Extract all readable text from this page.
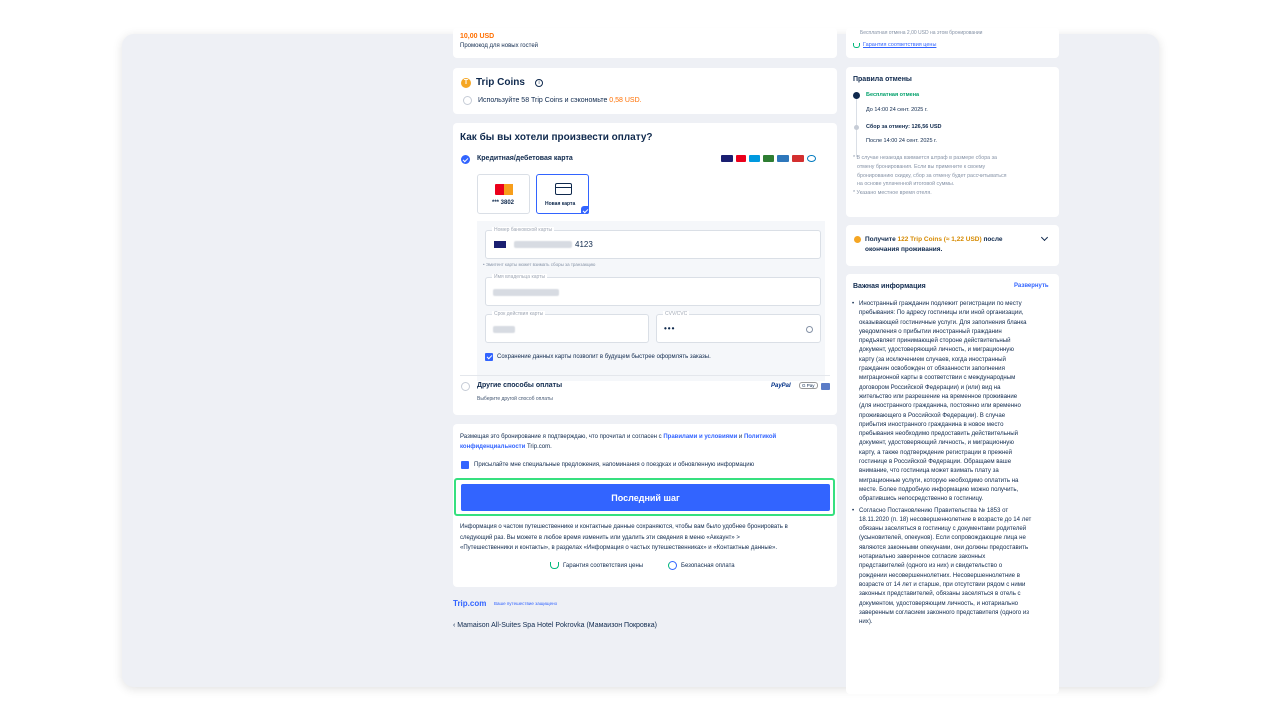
10,00 USD
Промокод для новых гостей
T Trip Coins	i
Используйте 58 Trip Coins и сэкономьте 0,58 USD.
Как бы вы хотели произвести оплату?
Кредитная/дебетовая карта
*** 3802	Новая карта
Номер банковской карты
4123
• Эмитент карты может взимать сборы за транзакцию
Имя владельца карты
Срок действия карты	CVV/CVC
•••
Сохранение данных карты позволит в будущем быстрее оформлять заказы.
Другие способы оплаты
Выберите другой способ оплаты
PayPal	G Pay
Размещая это бронирование я подтверждаю, что прочитал и согласен с Правилами и условиями и Политикой
конфиденциальности Trip.com.
Присылайте мне специальные предложения, напоминания о поездках и обновленную информацию
Последний шаг
Информация о частом путешественнике и контактные данные сохраняются, чтобы вам было удобнее бронировать в
следующий раз. Вы можете в любое время изменить или удалить эти сведения в меню «Аккаунт» >
«Путешественники и контакты», в разделах «Информация о частых путешественниках» и «Контактные данные».
Гарантия соответствия цены	Безопасная оплата
Trip.com Ваше путешествие защищено
‹ Mamaison All-Suites Spa Hotel Pokrovka (Мамаизон Покровка)
Бесплатная отмена 2,00 USD на этом бронировании
Гарантия соответствия цены
Правила отмены
Бесплатная отмена
До 14:00 24 сент. 2025 г.
Сбор за отмену: 126,56 USD
После 14:00 24 сент. 2025 г.
* В случае незаезда взимается штраф в размере сбора за
отмену бронирования. Если вы примените к своему
бронированию скидку, сбор за отмену будет рассчитываться
на основе уплаченной итоговой суммы.
* Указано местное время отеля.
Получите 122 Trip Coins (≈ 1,22 USD) после
окончания проживания.
Важная информация	Развернуть
• Иностранный гражданин подлежит регистрации по месту
пребывания: По адресу гостиницы или иной организации,
оказывающей гостиничные услуги. Для заполнения бланка
уведомления о прибытии иностранный гражданин
предъявляет принимающей стороне действительный
документ, удостоверяющий личность, и миграционную
карту (за исключением случаев, когда иностранный
гражданин освобожден от обязанности заполнения
миграционной карты в соответствии с международным
договором Российской Федерации) и (или) вид на
жительство или разрешение на временное проживание
(для иностранного гражданина, постоянно или временно
проживающего в Российской Федерации). В случае
прибытия иностранного гражданина в новое место
пребывания необходимо предоставить действительный
документ, удостоверяющий личность, и миграционную
карту, а также подтверждение регистрации в прежней
гостинице в Российской Федерации. Обращаем ваше
внимание, что гостиница может взимать плату за
миграционные услуги, которую необходимо оплатить на
месте. Более подробную информацию можно получить,
обратившись непосредственно в гостиницу.
• Согласно Постановлению Правительства № 1853 от
18.11.2020 (п. 18) несовершеннолетние в возрасте до 14 лет
обязаны заселяться в гостиницу с документами родителей
(усыновителей, опекунов). Если сопровождающие лица не
являются законными опекунами, они должны предоставить
нотариально заверенное согласие законных
представителей (одного из них) и свидетельство о
рождении несовершеннолетних. Несовершеннолетние в
возрасте от 14 лет и старше, при отсутствии рядом с ними
законных представителей, обязаны заселяться в отель с
документом, удостоверяющим личность, и нотариально
заверенным согласием законного представителя (одного из
них).
